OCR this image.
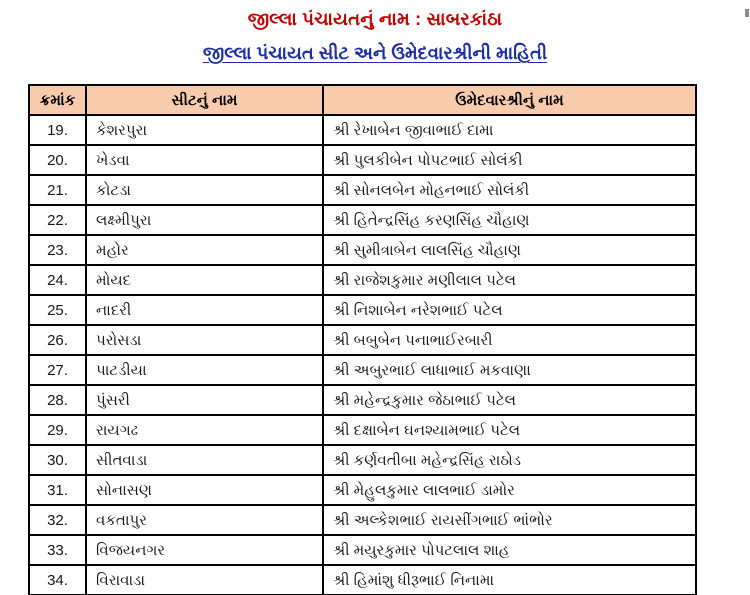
જીલ્લા પંચાયતનું નામ : સાબરકાંઠા
જીલ્લા પંચાયત સીટ અને ઉમેદવારશ્રીની માહિતી
ક્રમાંક	સીટનું નામ	ઉમેદવારશ્રીનું નામ
19.	કેશરપુરા	શ્રી રેખાબેન જીવાભાઈ દામા
20.	ખેડવા	શ્રી પુલકીબેન પોપટભાઈ સોલંકી
21.	કોટડા	શ્રી સોનલબેન મોહનભાઈ સોલંકી
22.	લક્ષ્મીપુરા	શ્રી હિતેન્દ્રસિંહ કરણસિંહ ચૌહાણ
23.	મહોર	શ્રી સુમીત્રાબેન લાલસિંહ ચૌહાણ
24.	મોયદ	શ્રી રાજેશકુમાર મણીલાલ પટેલ
25.	નાદરી	શ્રી નિશાબેન નરેશભાઈ પટેલ
26.	પરોસડા	શ્રી બબુબેન પનાભાઈરબારી
27.	પાટડીયા	શ્રી અબુરભાઈ લાધાભાઈ મકવાણા
28.	પુંસરી	શ્રી મહેન્દ્રકુમાર જેઠાભાઈ પટેલ
29.	રાયગઢ	શ્રી દક્ષાબેન ઘનશ્યામભાઈ પટેલ
30.	સીતવાડા	શ્રી કર્ણવતીબા મહેન્દ્રસિંહ રાઠોડ
31.	સોનાસણ	શ્રી મેહુલકુમાર લાલભાઈ ડામોર
32.	વકતાપુર	શ્રી અલ્કેશભાઈ રાયસીંગભાઈ ભાંભોર
33.	વિજયનગર	શ્રી મયુરકુમાર પોપટલાલ શાહ
34.	વિરાવાડા	શ્રી હિમાંશુ ધીરૂભાઈ નિનામા
